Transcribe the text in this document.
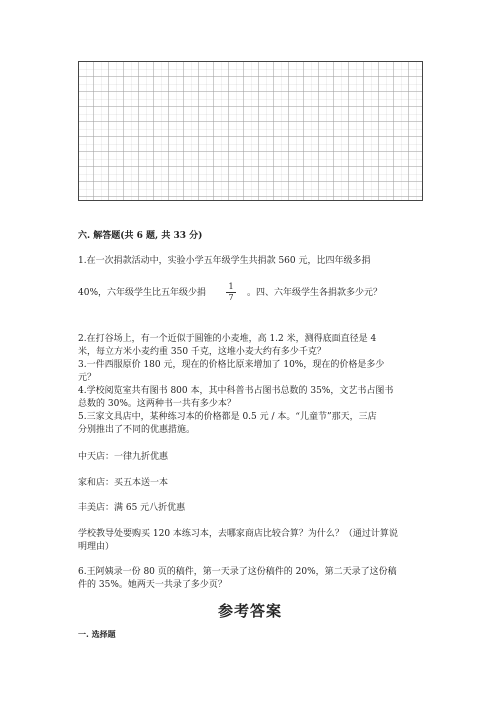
六. 解答题(共 6 题, 共 33 分)
1.在一次捐款活动中，实验小学五年级学生共捐款 560 元，比四年级多捐
40%，六年级学生比五年级少捐 $\frac{1}{7}$ 。四、六年级学生各捐款多少元？
2.在打谷场上，有一个近似于圆锥的小麦堆，高 1.2 米，测得底面直径是 4
米，每立方米小麦约重 350 千克，这堆小麦大约有多少千克？
3.一件西服原价 180 元，现在的价格比原来增加了 10%，现在的价格是多少
元？
4.学校阅览室共有图书 800 本，其中科普书占图书总数的 35%，文艺书占图书
总数的 30%。这两种书一共有多少本？
5.三家文具店中，某种练习本的价格都是 0.5 元 / 本。“儿童节”那天，三店
分别推出了不同的优惠措施。
中天店：一律九折优惠
家和店：买五本送一本
丰美店：满 65 元八折优惠
学校教导处要购买 120 本练习本，去哪家商店比较合算？为什么？（通过计算说
明理由）
6.王阿姨录一份 80 页的稿件，第一天录了这份稿件的 20%，第二天录了这份稿
件的 35%。她两天一共录了多少页？
参考答案
一. 选择题
